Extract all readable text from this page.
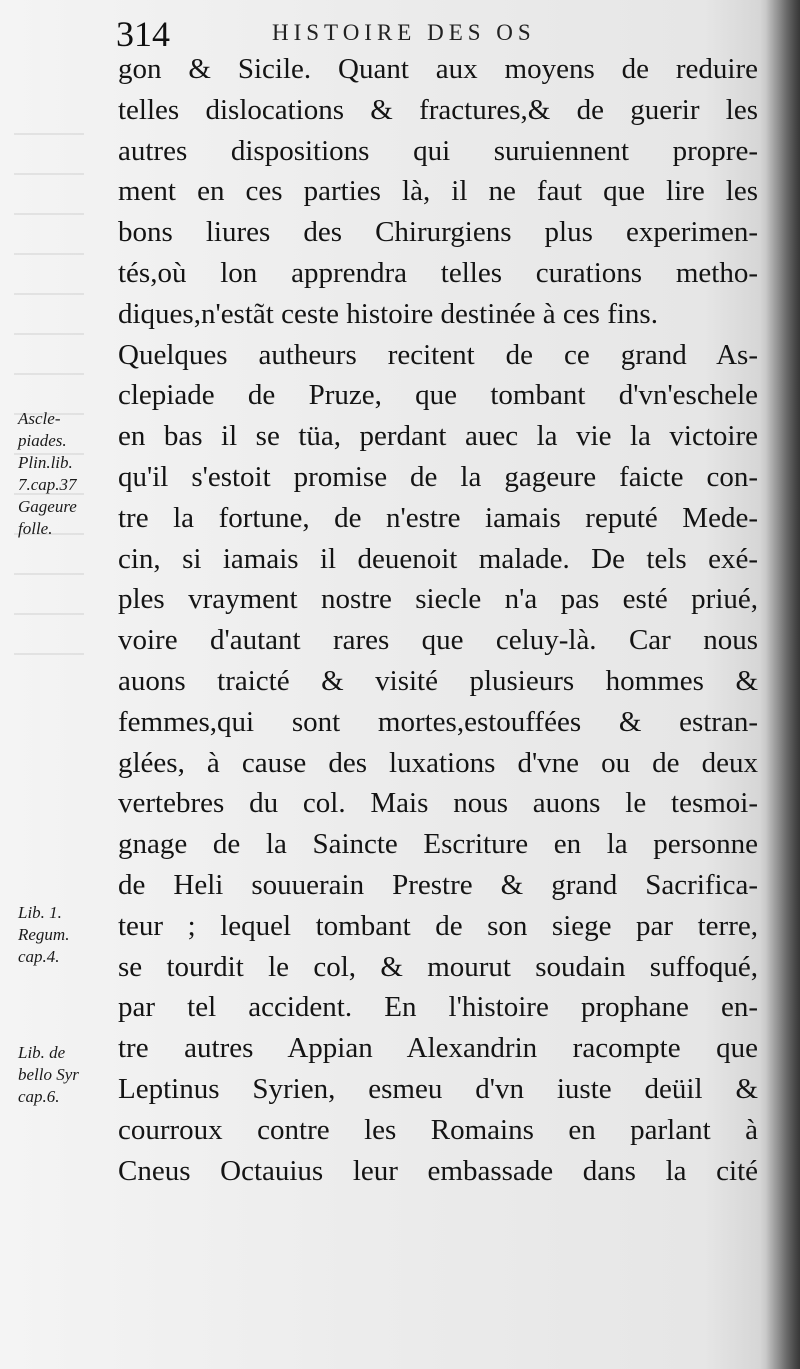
314	HISTOIRE DES OS
gon & Sicile. Quant aux moyens de reduire
telles dislocations & fractures,& de guerir les
autres dispositions qui suruiennent propre-
ment en ces parties là, il ne faut que lire les
bons liures des Chirurgiens plus experimen-
tés,où lon apprendra telles curations metho-
diques,n'estãt ceste histoire destinée à ces fins.
Quelques autheurs recitent de ce grand As-
clepiade de Pruze, que tombant d'vn'eschele
en bas il se tüa, perdant auec la vie la victoire
qu'il s'estoit promise de la gageure faicte con-
tre la fortune, de n'estre iamais reputé Mede-
cin, si iamais il deuenoit malade. De tels exé-
ples vrayment nostre siecle n'a pas esté priué,
voire d'autant rares que celuy-là. Car nous
auons traicté & visité plusieurs hommes &
femmes,qui sont mortes,estouffées & estran-
glées, à cause des luxations d'vne ou de deux
vertebres du col. Mais nous auons le tesmoi-
gnage de la Saincte Escriture en la personne
de Heli souuerain Prestre & grand Sacrifica-
teur ; lequel tombant de son siege par terre,
se tourdit le col, & mourut soudain suffoqué,
par tel accident. En l'histoire prophane en-
tre autres Appian Alexandrin racompte que
Leptinus Syrien, esmeu d'vn iuste deüil &
courroux contre les Romains en parlant à
Cneus Octauius leur embassade dans la cité
Ascle-
piades.
Plin.lib.
7.cap.37
Gageure
folle.
Lib. 1.
Regum.
cap.4.
Lib. de
bello Syr
cap.6.
